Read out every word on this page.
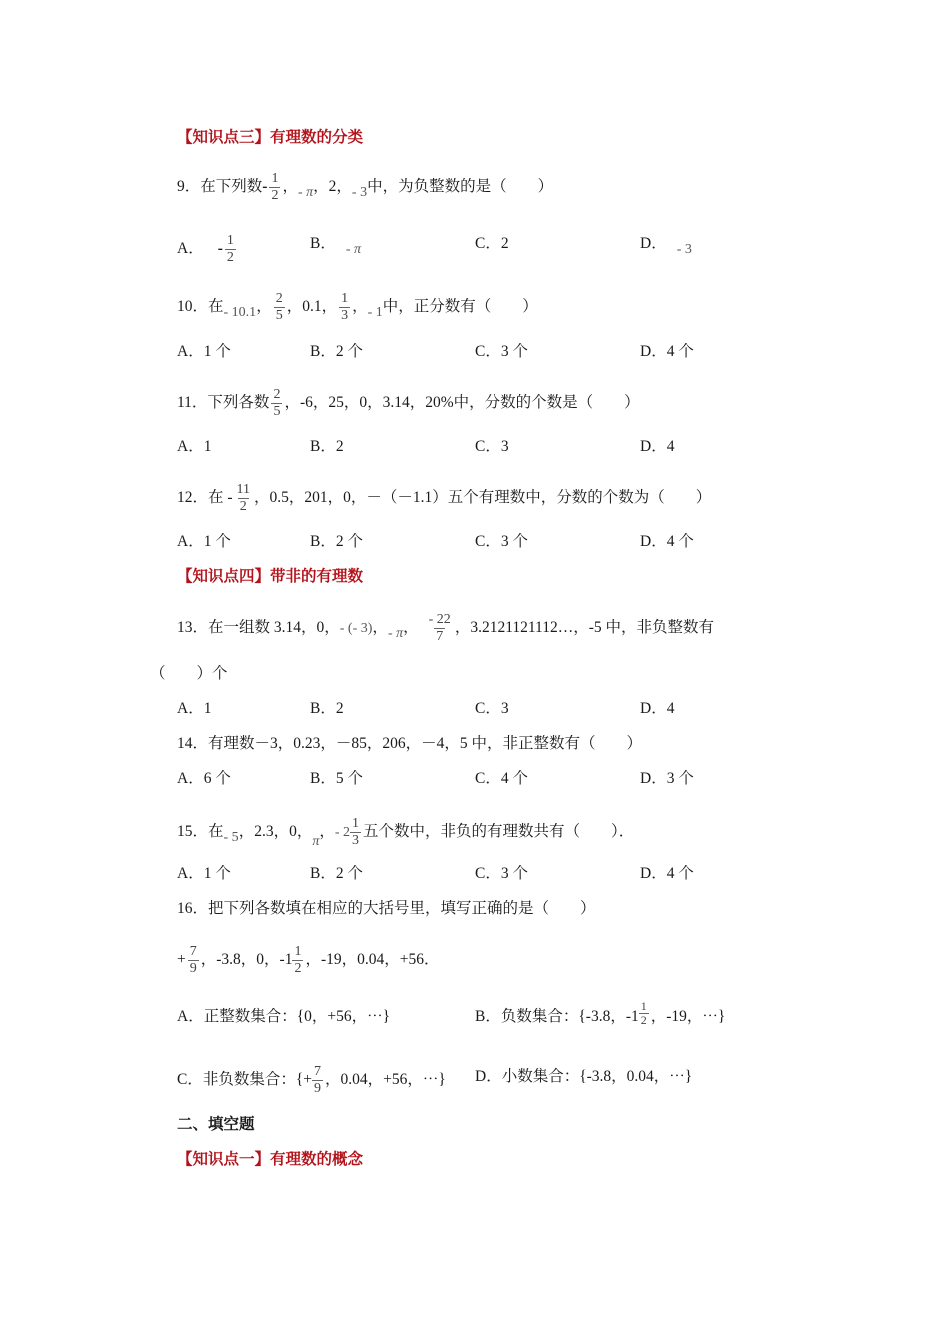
【知识点三】有理数的分类
9．在下列数- $\frac{1}{2}$ ，- π，2，- 3中，为负整数的是（　　）
A． - $\frac{1}{2}$	B． - π	C．2	D． - 3
10．在- 10.1， $\frac{2}{5}$ ，0.1， $\frac{1}{3}$ ，- 1中，正分数有（　　）
A．1 个	B．2 个	C．3 个	D．4 个
11．下列各数 $\frac{2}{5}$ ，-6，25，0，3.14，20%中，分数的个数是（　　）
A．1	B．2	C．3	D．4
12．在 - $\frac{11}{2}$ ，0.5，201，0，－（－1.1）五个有理数中，分数的个数为（　　）
A．1 个	B．2 个	C．3 个	D．4 个
【知识点四】带非的有理数
13．在一组数 3.14，0，- (- 3)，- π， $\frac{- 22}{7}$ ，3.2121121112…，-5 中，非负整数有
（　　）个
A．1	B．2	C．3	D．4
14．有理数－3，0.23，－85，206，－4，5 中，非正整数有（　　）
A．6 个	B．5 个	C．4 个	D．3 个
15．在- 5，2.3，0，π，- $2 \frac{1}{3}$ 五个数中，非负的有理数共有（　　）．
A．1 个	B．2 个	C．3 个	D．4 个
16．把下列各数填在相应的大括号里，填写正确的是（　　）
+ $\frac{7}{9}$ ，-3.8，0，$-1 \frac{1}{2}$ ，-19，0.04，+56．
A．正整数集合：{0，+56，⋯}	B．负数集合：{-3.8，$-1 \frac{1}{2}$ ，-19，⋯}
C．非负数集合：{+ $\frac{7}{9}$ ，0.04，+56，⋯} D．小数集合：{-3.8，0.04，⋯}
二、填空题
【知识点一】有理数的概念
